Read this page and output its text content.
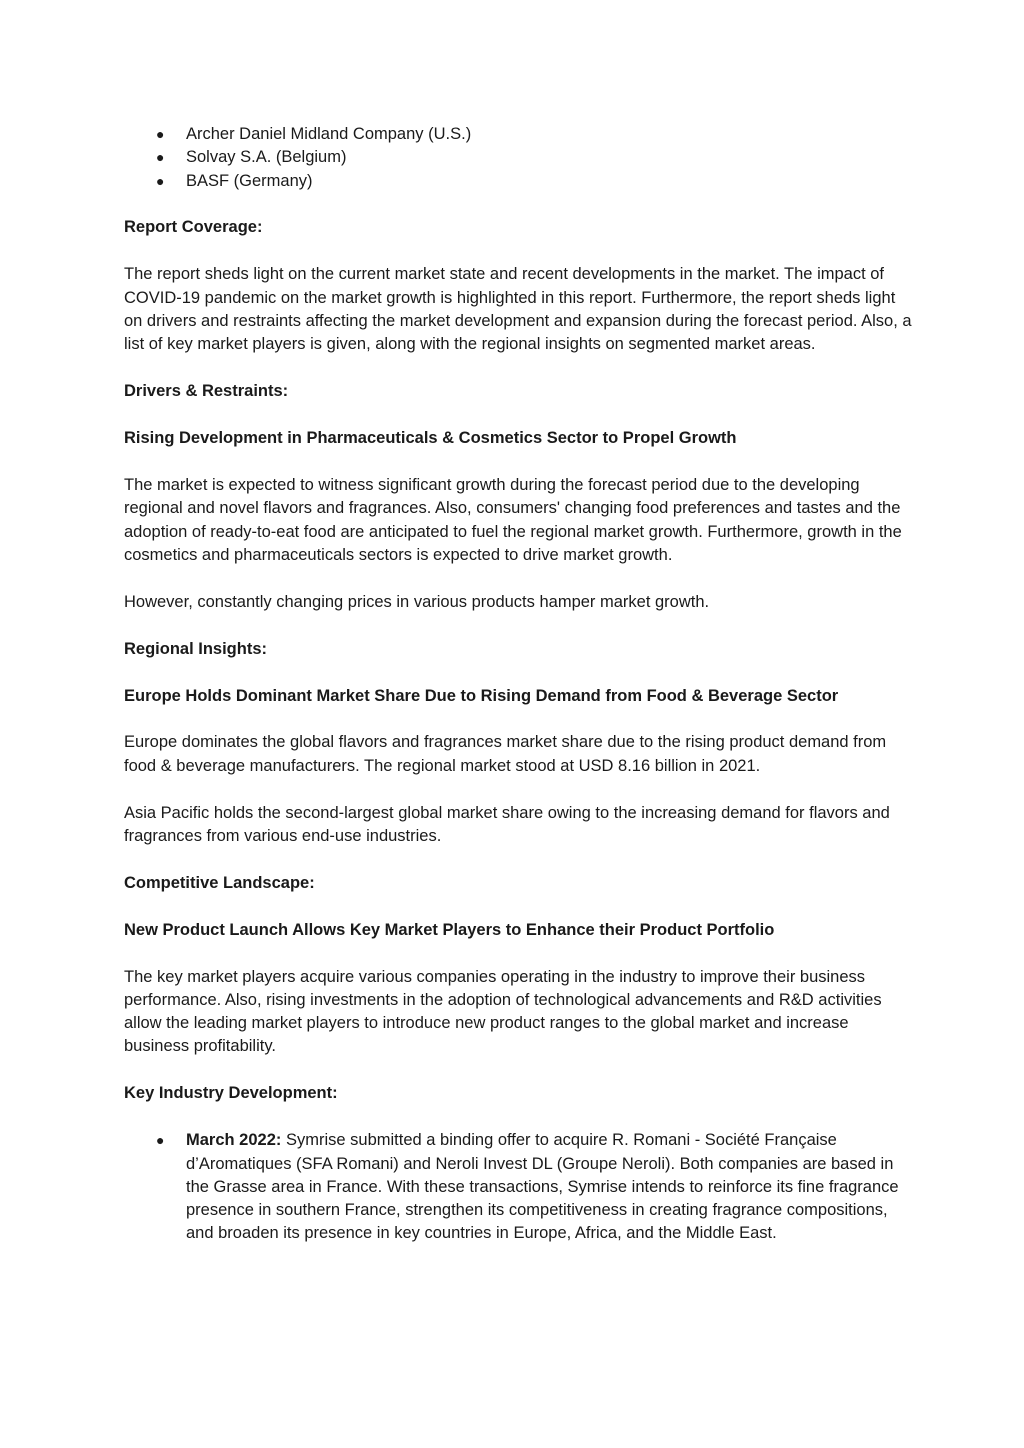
● Archer Daniel Midland Company (U.S.)
● Solvay S.A. (Belgium)
● BASF (Germany)

Report Coverage:

The report sheds light on the current market state and recent developments in the market. The impact of COVID-19 pandemic on the market growth is highlighted in this report. Furthermore, the report sheds light on drivers and restraints affecting the market development and expansion during the forecast period. Also, a list of key market players is given, along with the regional insights on segmented market areas.

Drivers & Restraints:

Rising Development in Pharmaceuticals & Cosmetics Sector to Propel Growth

The market is expected to witness significant growth during the forecast period due to the developing regional and novel flavors and fragrances. Also, consumers' changing food preferences and tastes and the adoption of ready-to-eat food are anticipated to fuel the regional market growth. Furthermore, growth in the cosmetics and pharmaceuticals sectors is expected to drive market growth.

However, constantly changing prices in various products hamper market growth.

Regional Insights:

Europe Holds Dominant Market Share Due to Rising Demand from Food & Beverage Sector

Europe dominates the global flavors and fragrances market share due to the rising product demand from food & beverage manufacturers. The regional market stood at USD 8.16 billion in 2021.

Asia Pacific holds the second-largest global market share owing to the increasing demand for flavors and fragrances from various end-use industries.

Competitive Landscape:

New Product Launch Allows Key Market Players to Enhance their Product Portfolio

The key market players acquire various companies operating in the industry to improve their business performance. Also, rising investments in the adoption of technological advancements and R&D activities allow the leading market players to introduce new product ranges to the global market and increase business profitability.

Key Industry Development:

● March 2022: Symrise submitted a binding offer to acquire R. Romani - Société Française d’Aromatiques (SFA Romani) and Neroli Invest DL (Groupe Neroli). Both companies are based in the Grasse area in France. With these transactions, Symrise intends to reinforce its fine fragrance presence in southern France, strengthen its competitiveness in creating fragrance compositions, and broaden its presence in key countries in Europe, Africa, and the Middle East.
